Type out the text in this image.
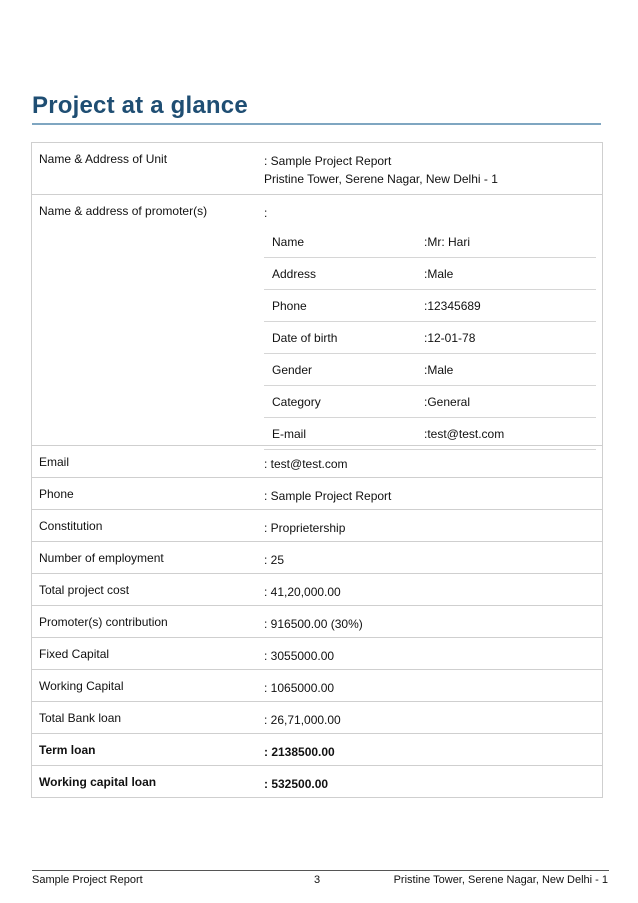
Project at a glance
Name & Address of Unit	: Sample Project Report
Pristine Tower, Serene Nagar, New Delhi - 1
Name & address of promoter(s)	:
Name	:Mr: Hari
Address	:Male
Phone	:12345689
Date of birth	:12-01-78
Gender	:Male
Category	:General
E-mail	:test@test.com
Email	: test@test.com
Phone	: Sample Project Report
Constitution	: Proprietership
Number of employment	: 25
Total project cost	: 41,20,000.00
Promoter(s) contribution	: 916500.00 (30%)
Fixed Capital	: 3055000.00
Working Capital	: 1065000.00
Total Bank loan	: 26,71,000.00
Term loan	: 2138500.00
Working capital loan	: 532500.00
Sample Project Report	3	Pristine Tower, Serene Nagar, New Delhi - 1
